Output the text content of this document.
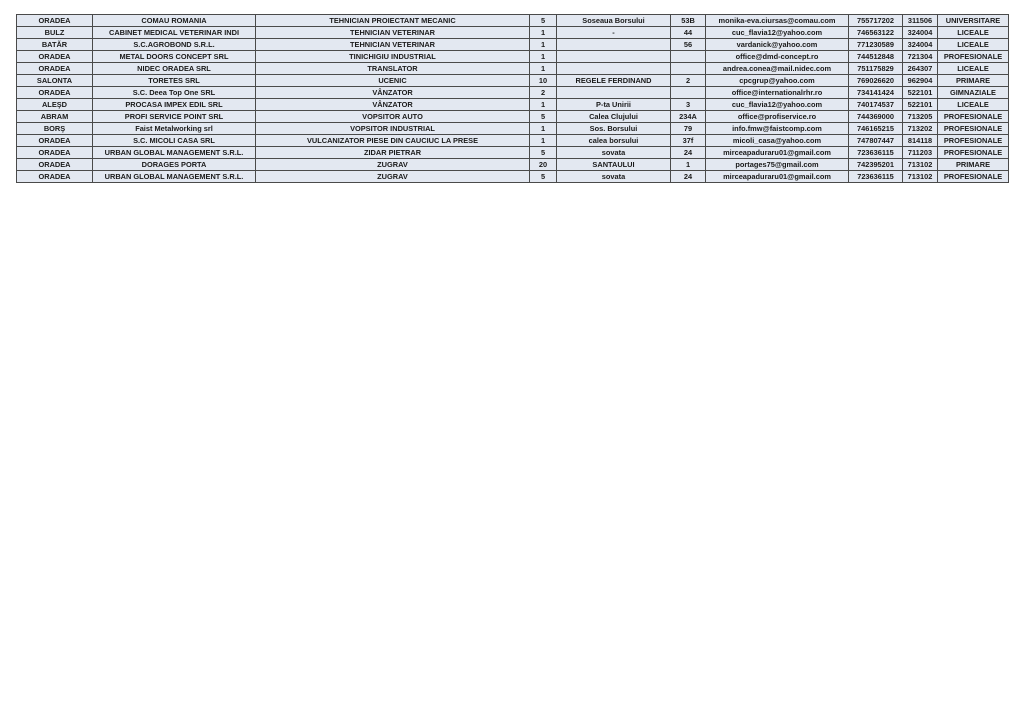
ORADEA	COMAU ROMANIA	TEHNICIAN PROIECTANT MECANIC	5	Soseaua Borsului	53B	monika-eva.ciursas@comau.com	755717202	311506	UNIVERSITARE
BULZ	CABINET MEDICAL VETERINAR INDI	TEHNICIAN VETERINAR	1	-	44	cuc_flavia12@yahoo.com	746563122	324004	LICEALE
BATĂR	S.C.AGROBOND S.R.L.	TEHNICIAN VETERINAR	1		56	vardanick@yahoo.com	771230589	324004	LICEALE
ORADEA	METAL DOORS CONCEPT SRL	TINICHIGIU INDUSTRIAL	1			office@dmd-concept.ro	744512848	721304	PROFESIONALE
ORADEA	NIDEC ORADEA SRL	TRANSLATOR	1			andrea.conea@mail.nidec.com	751175829	264307	LICEALE
SALONTA	TORETES SRL	UCENIC	10	REGELE FERDINAND	2	cpcgrup@yahoo.com	769026620	962904	PRIMARE
ORADEA	S.C. Deea Top One SRL	VÂNZATOR	2			office@internationalrhr.ro	734141424	522101	GIMNAZIALE
ALEŞD	PROCASA IMPEX EDIL SRL	VÂNZATOR	1	P-ta Unirii	3	cuc_flavia12@yahoo.com	740174537	522101	LICEALE
ABRAM	PROFI SERVICE POINT SRL	VOPSITOR AUTO	5	Calea Clujului	234A	office@profiservice.ro	744369000	713205	PROFESIONALE
BORŞ	Faist Metalworking srl	VOPSITOR INDUSTRIAL	1	Sos. Borsului	79	info.fmw@faistcomp.com	746165215	713202	PROFESIONALE
ORADEA	S.C. MICOLI CASA SRL	VULCANIZATOR PIESE DIN CAUCIUC LA PRESE	1	calea borsului	37f	micoli_casa@yahoo.com	747807447	814118	PROFESIONALE
ORADEA	URBAN GLOBAL MANAGEMENT S.R.L.	ZIDAR PIETRAR	5	sovata	24	mirceapaduraru01@gmail.com	723636115	711203	PROFESIONALE
ORADEA	DORAGES PORTA	ZUGRAV	20	SANTAULUI	1	portages75@gmail.com	742395201	713102	PRIMARE
ORADEA	URBAN GLOBAL MANAGEMENT S.R.L.	ZUGRAV	5	sovata	24	mirceapaduraru01@gmail.com	723636115	713102	PROFESIONALE
